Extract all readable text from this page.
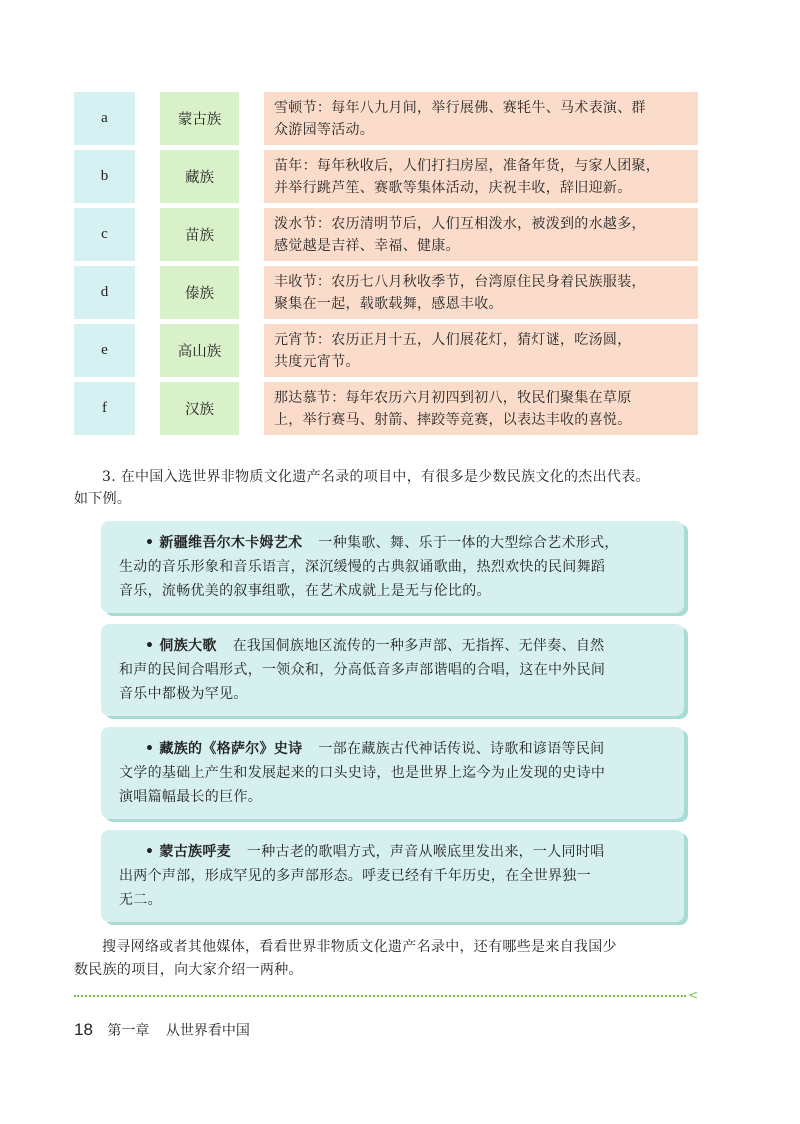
a	蒙古族
雪顿节：每年八九月间，举行展佛、赛牦牛、马术表演、群
众游园等活动。
b	藏族
苗年：每年秋收后，人们打扫房屋，准备年货，与家人团聚，
并举行跳芦笙、赛歌等集体活动，庆祝丰收，辞旧迎新。
c	苗族
泼水节：农历清明节后，人们互相泼水，被泼到的水越多，
感觉越是吉祥、幸福、健康。
d	傣族
丰收节：农历七八月秋收季节，台湾原住民身着民族服装，
聚集在一起，载歌载舞，感恩丰收。
e	高山族
元宵节：农历正月十五，人们展花灯，猜灯谜，吃汤圆，
共度元宵节。
f	汉族
那达慕节：每年农历六月初四到初八，牧民们聚集在草原
上，举行赛马、射箭、摔跤等竞赛，以表达丰收的喜悦。
3. 在中国入选世界非物质文化遗产名录的项目中，有很多是少数民族文化的杰出代表。
如下例。
• 新疆维吾尔木卡姆艺术 一种集歌、舞、乐于一体的大型综合艺术形式，
生动的音乐形象和音乐语言，深沉缓慢的古典叙诵歌曲，热烈欢快的民间舞蹈
音乐，流畅优美的叙事组歌，在艺术成就上是无与伦比的。
• 侗族大歌 在我国侗族地区流传的一种多声部、无指挥、无伴奏、自然
和声的民间合唱形式，一领众和，分高低音多声部谐唱的合唱，这在中外民间
音乐中都极为罕见。
• 藏族的《格萨尔》史诗 一部在藏族古代神话传说、诗歌和谚语等民间
文学的基础上产生和发展起来的口头史诗，也是世界上迄今为止发现的史诗中
演唱篇幅最长的巨作。
• 蒙古族呼麦 一种古老的歌唱方式，声音从喉底里发出来，一人同时唱
出两个声部，形成罕见的多声部形态。呼麦已经有千年历史，在全世界独一
无二。
搜寻网络或者其他媒体，看看世界非物质文化遗产名录中，还有哪些是来自我国少
数民族的项目，向大家介绍一两种。
<
18 第一章 从世界看中国
